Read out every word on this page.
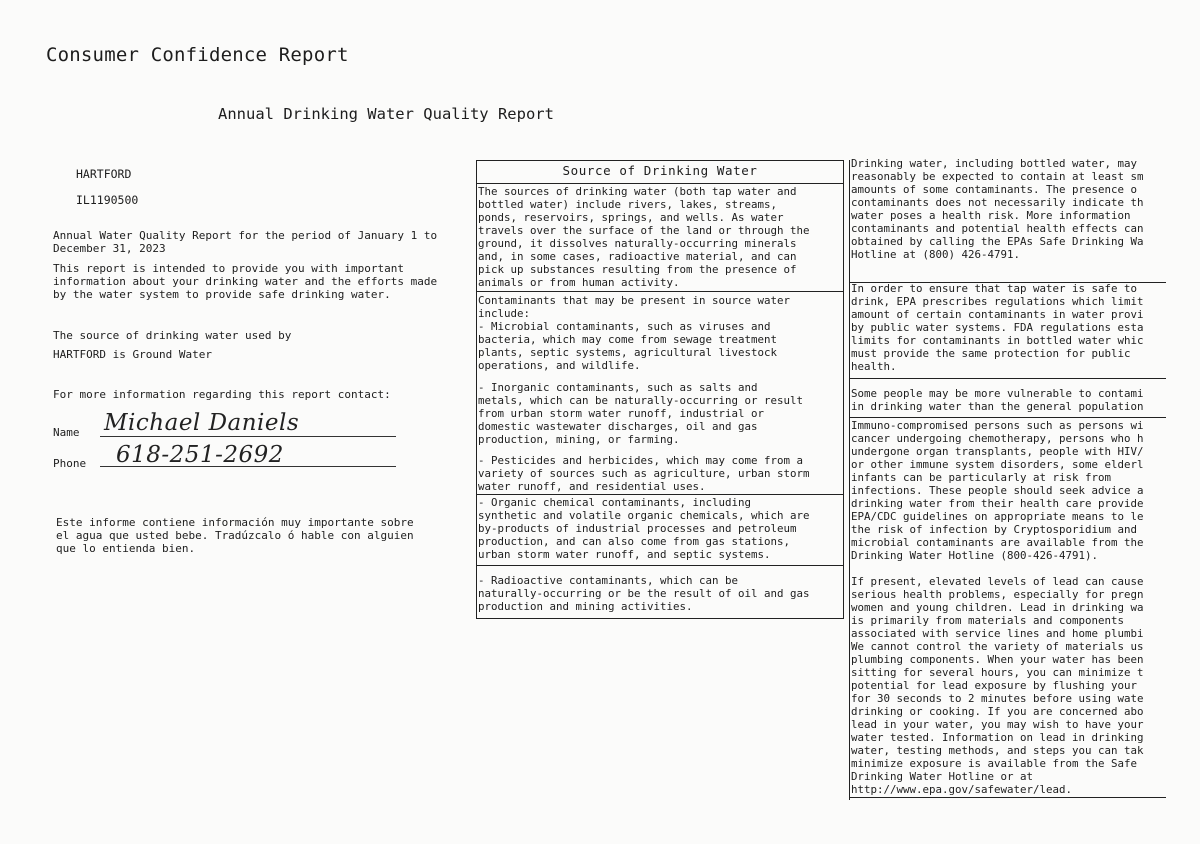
Consumer Confidence Report
Annual Drinking Water Quality Report
HARTFORD
IL1190500
Annual Water Quality Report for the period of January 1 to
December 31, 2023
This report is intended to provide you with important
information about your drinking water and the efforts made
by the water system to provide safe drinking water.
The source of drinking water used by
HARTFORD is Ground Water
For more information regarding this report contact:
Name Michael Daniels
Phone 618-251-2692
Este informe contiene información muy importante sobre
el agua que usted bebe. Tradúzcalo ó hable con alguien
que lo entienda bien.
Source of Drinking Water
The sources of drinking water (both tap water and
bottled water) include rivers, lakes, streams,
ponds, reservoirs, springs, and wells. As water
travels over the surface of the land or through the
ground, it dissolves naturally-occurring minerals
and, in some cases, radioactive material, and can
pick up substances resulting from the presence of
animals or from human activity.
Contaminants that may be present in source water
include:
- Microbial contaminants, such as viruses and
bacteria, which may come from sewage treatment
plants, septic systems, agricultural livestock
operations, and wildlife.
- Inorganic contaminants, such as salts and
metals, which can be naturally-occurring or result
from urban storm water runoff, industrial or
domestic wastewater discharges, oil and gas
production, mining, or farming.
- Pesticides and herbicides, which may come from a
variety of sources such as agriculture, urban storm
water runoff, and residential uses.
- Organic chemical contaminants, including
synthetic and volatile organic chemicals, which are
by-products of industrial processes and petroleum
production, and can also come from gas stations,
urban storm water runoff, and septic systems.
- Radioactive contaminants, which can be
naturally-occurring or be the result of oil and gas
production and mining activities.
Drinking water, including bottled water, may
reasonably be expected to contain at least sm
amounts of some contaminants. The presence o
contaminants does not necessarily indicate th
water poses a health risk. More information
contaminants and potential health effects can
obtained by calling the EPAs Safe Drinking Wa
Hotline at (800) 426-4791.
In order to ensure that tap water is safe to
drink, EPA prescribes regulations which limit
amount of certain contaminants in water provi
by public water systems. FDA regulations esta
limits for contaminants in bottled water whic
must provide the same protection for public
health.
Some people may be more vulnerable to contami
in drinking water than the general population
Immuno-compromised persons such as persons wi
cancer undergoing chemotherapy, persons who h
undergone organ transplants, people with HIV/
or other immune system disorders, some elderl
infants can be particularly at risk from
infections. These people should seek advice a
drinking water from their health care provide
EPA/CDC guidelines on appropriate means to le
the risk of infection by Cryptosporidium and
microbial contaminants are available from the
Drinking Water Hotline (800-426-4791).
If present, elevated levels of lead can cause
serious health problems, especially for pregn
women and young children. Lead in drinking wa
is primarily from materials and components
associated with service lines and home plumbi
We cannot control the variety of materials us
plumbing components. When your water has been
sitting for several hours, you can minimize t
potential for lead exposure by flushing your
for 30 seconds to 2 minutes before using wate
drinking or cooking. If you are concerned abo
lead in your water, you may wish to have your
water tested. Information on lead in drinking
water, testing methods, and steps you can tak
minimize exposure is available from the Safe
Drinking Water Hotline or at
http://www.epa.gov/safewater/lead.
